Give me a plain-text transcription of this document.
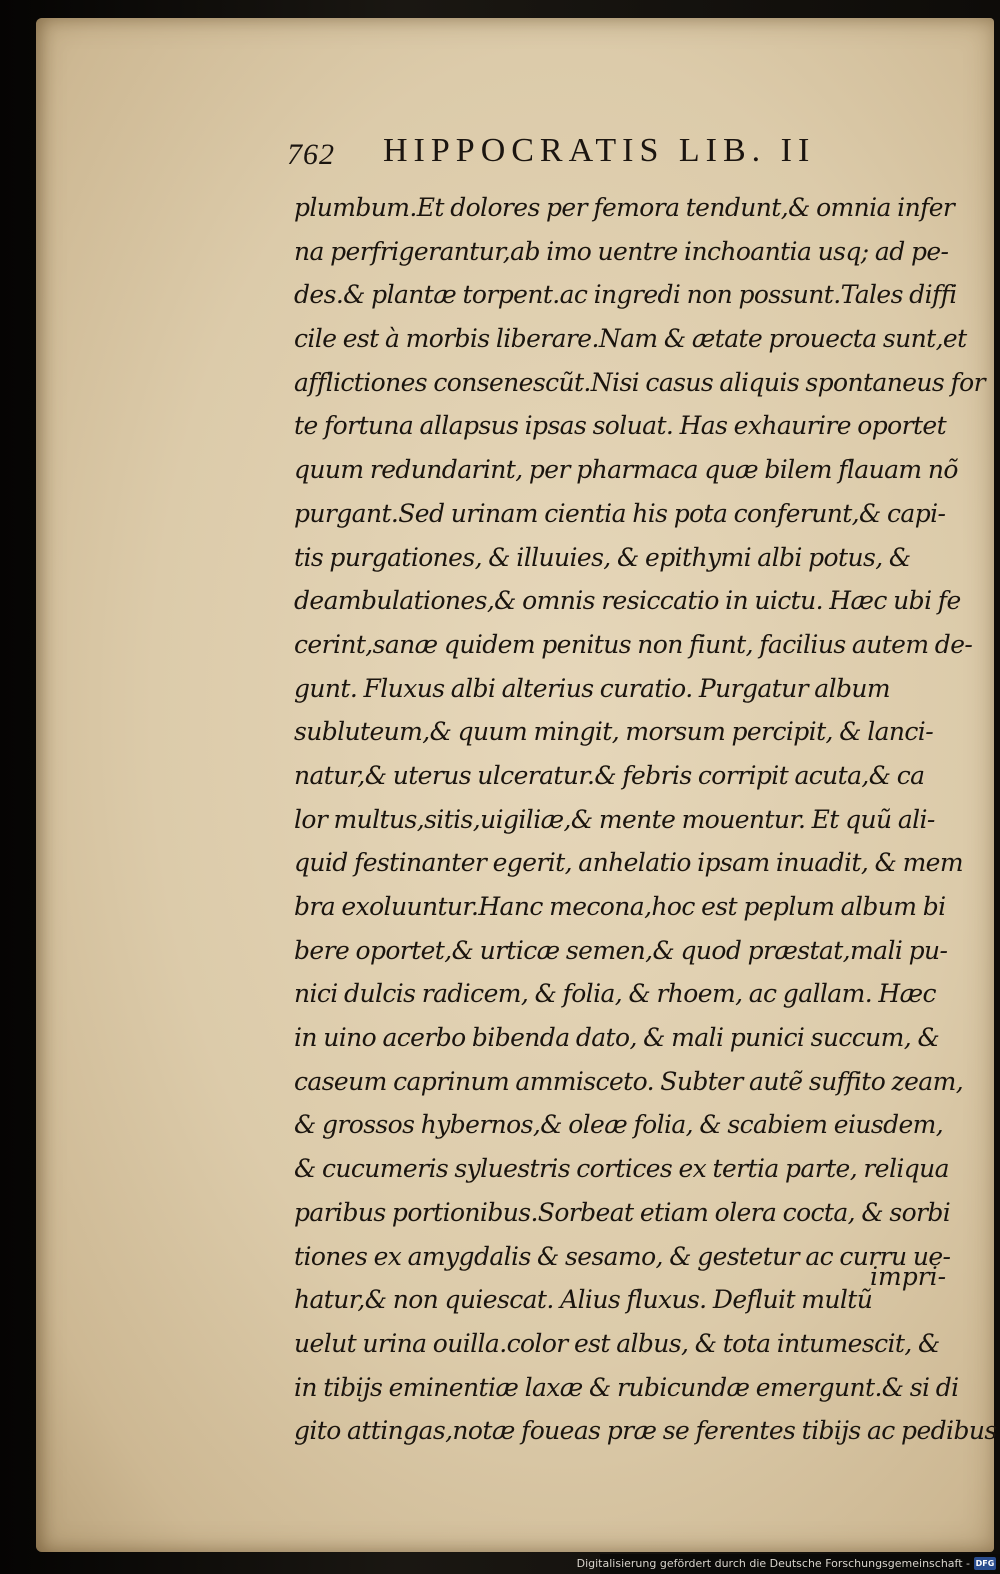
762 HIPPOCRATIS LIB. II
plumbum.Et dolores per femora tendunt,& omnia infer
na perfrigerantur,ab imo uentre inchoantia usq; ad pe-
des.& plantæ torpent.ac ingredi non possunt.Tales diffi
cile est à morbis liberare.Nam & ætate prouecta sunt,et
afflictiones consenescũt.Nisi casus aliquis spontaneus for
te fortuna allapsus ipsas soluat. Has exhaurire oportet
quum redundarint, per pharmaca quæ bilem flauam nõ
purgant.Sed urinam cientia his pota conferunt,& capi-
tis purgationes, & illuuies, & epithymi albi potus, &
deambulationes,& omnis resiccatio in uictu. Hæc ubi fe
cerint,sanæ quidem penitus non fiunt, facilius autem de-
gunt. Fluxus albi alterius curatio. Purgatur album
subluteum,& quum mingit, morsum percipit, & lanci-
natur,& uterus ulceratur.& febris corripit acuta,& ca
lor multus,sitis,uigiliæ,& mente mouentur. Et quũ ali-
quid festinanter egerit, anhelatio ipsam inuadit, & mem
bra exoluuntur.Hanc mecona,hoc est peplum album bi
bere oportet,& urticæ semen,& quod præstat,mali pu-
nici dulcis radicem, & folia, & rhoem, ac gallam. Hæc
in uino acerbo bibenda dato, & mali punici succum, &
caseum caprinum ammisceto. Subter autẽ suffito zeam,
& grossos hybernos,& oleæ folia, & scabiem eiusdem,
& cucumeris syluestris cortices ex tertia parte, reliqua
paribus portionibus.Sorbeat etiam olera cocta, & sorbi
tiones ex amygdalis & sesamo, & gestetur ac curru ue-
hatur,& non quiescat. Alius fluxus. Defluit multũ
uelut urina ouilla.color est albus, & tota intumescit, &
in tibijs eminentiæ laxæ & rubicundæ emergunt.& si di
gito attingas,notæ foueas præ se ferentes tibijs ac pedibus
impri-
Digitalisierung gefördert durch die Deutsche Forschungsgemeinschaft - DFG
